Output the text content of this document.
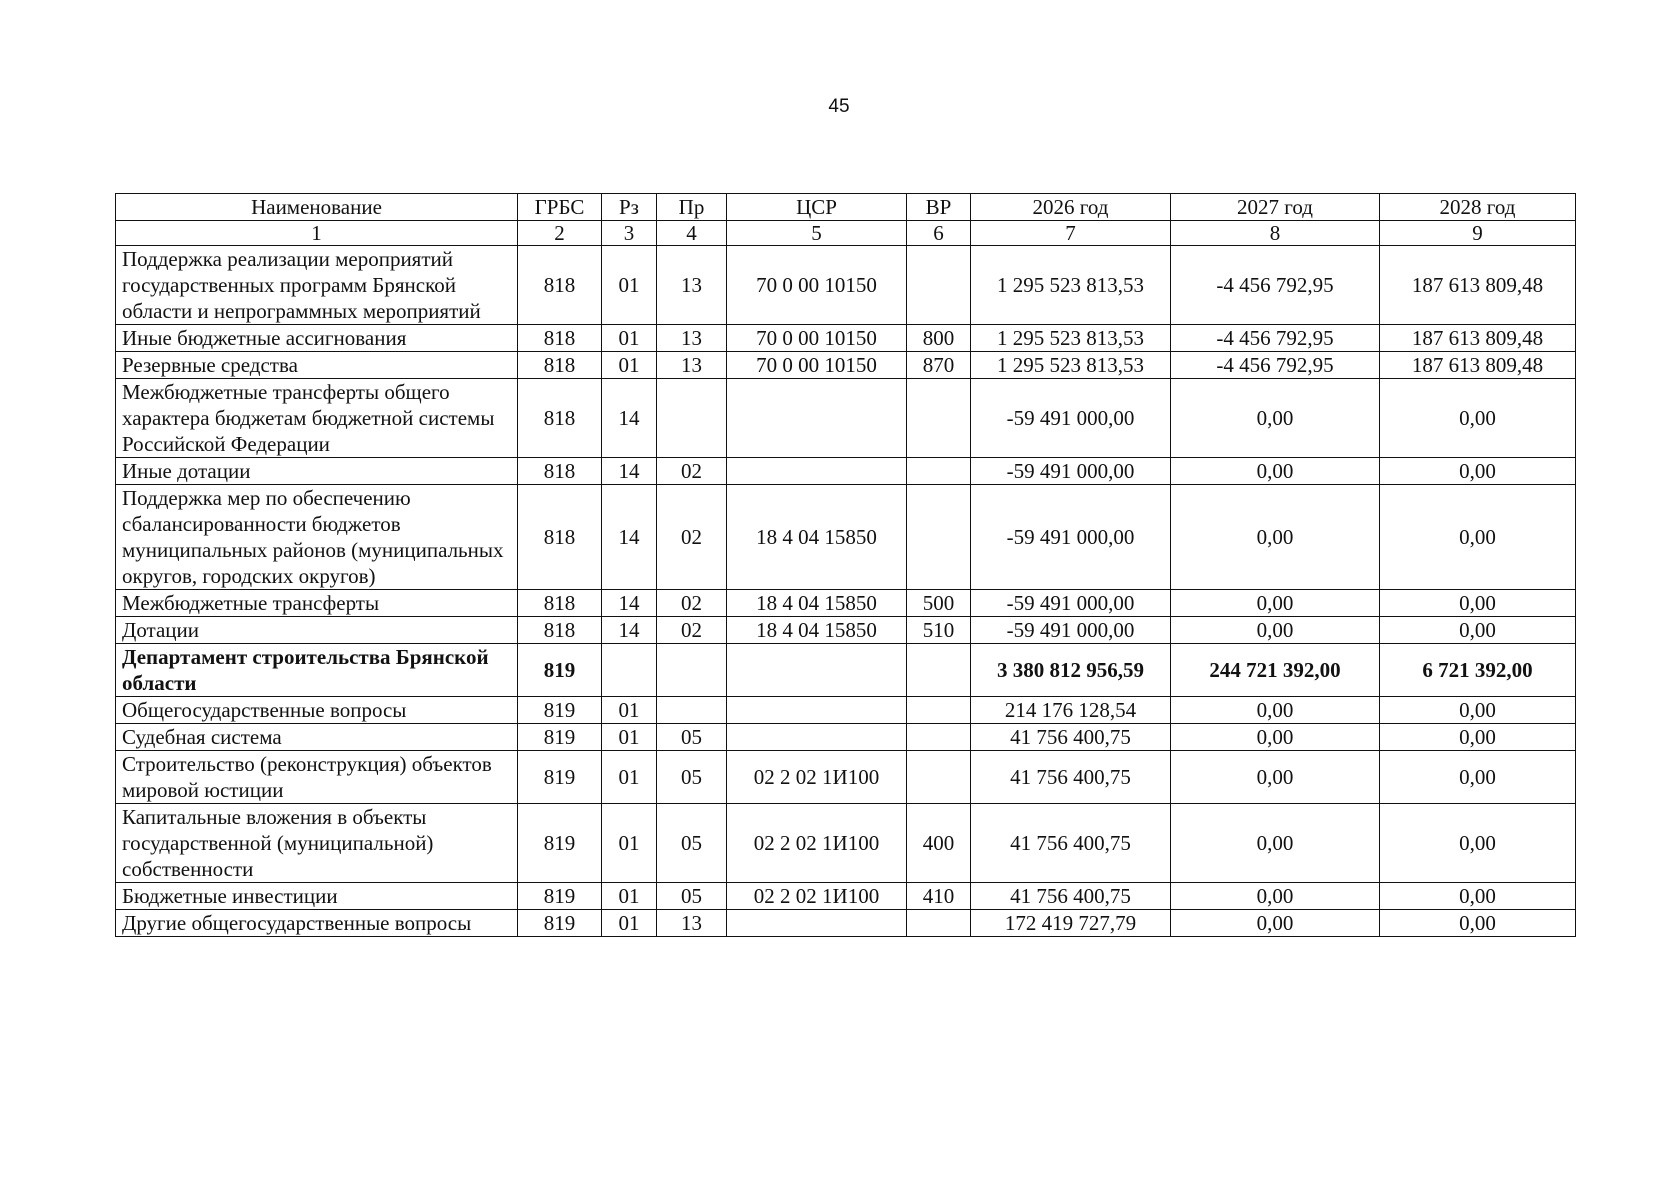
45
Наименование	ГРБС	Рз	Пр	ЦСР	ВР	2026 год	2027 год	2028 год
1	2	3	4	5	6	7	8	9
Поддержка реализации мероприятий государственных программ Брянской области и непрограммных мероприятий	818	01	13	70 0 00 10150		1 295 523 813,53	-4 456 792,95	187 613 809,48
Иные бюджетные ассигнования	818	01	13	70 0 00 10150	800	1 295 523 813,53	-4 456 792,95	187 613 809,48
Резервные средства	818	01	13	70 0 00 10150	870	1 295 523 813,53	-4 456 792,95	187 613 809,48
Межбюджетные трансферты общего характера бюджетам бюджетной системы Российской Федерации	818	14				-59 491 000,00	0,00	0,00
Иные дотации	818	14	02			-59 491 000,00	0,00	0,00
Поддержка мер по обеспечению сбалансированности бюджетов муниципальных районов (муниципальных округов, городских округов)	818	14	02	18 4 04 15850		-59 491 000,00	0,00	0,00
Межбюджетные трансферты	818	14	02	18 4 04 15850	500	-59 491 000,00	0,00	0,00
Дотации	818	14	02	18 4 04 15850	510	-59 491 000,00	0,00	0,00
Департамент строительства Брянской области	819					3 380 812 956,59	244 721 392,00	6 721 392,00
Общегосударственные вопросы	819	01				214 176 128,54	0,00	0,00
Судебная система	819	01	05			41 756 400,75	0,00	0,00
Строительство (реконструкция) объектов мировой юстиции	819	01	05	02 2 02 1И100		41 756 400,75	0,00	0,00
Капитальные вложения в объекты государственной (муниципальной) собственности	819	01	05	02 2 02 1И100	400	41 756 400,75	0,00	0,00
Бюджетные инвестиции	819	01	05	02 2 02 1И100	410	41 756 400,75	0,00	0,00
Другие общегосударственные вопросы	819	01	13			172 419 727,79	0,00	0,00
